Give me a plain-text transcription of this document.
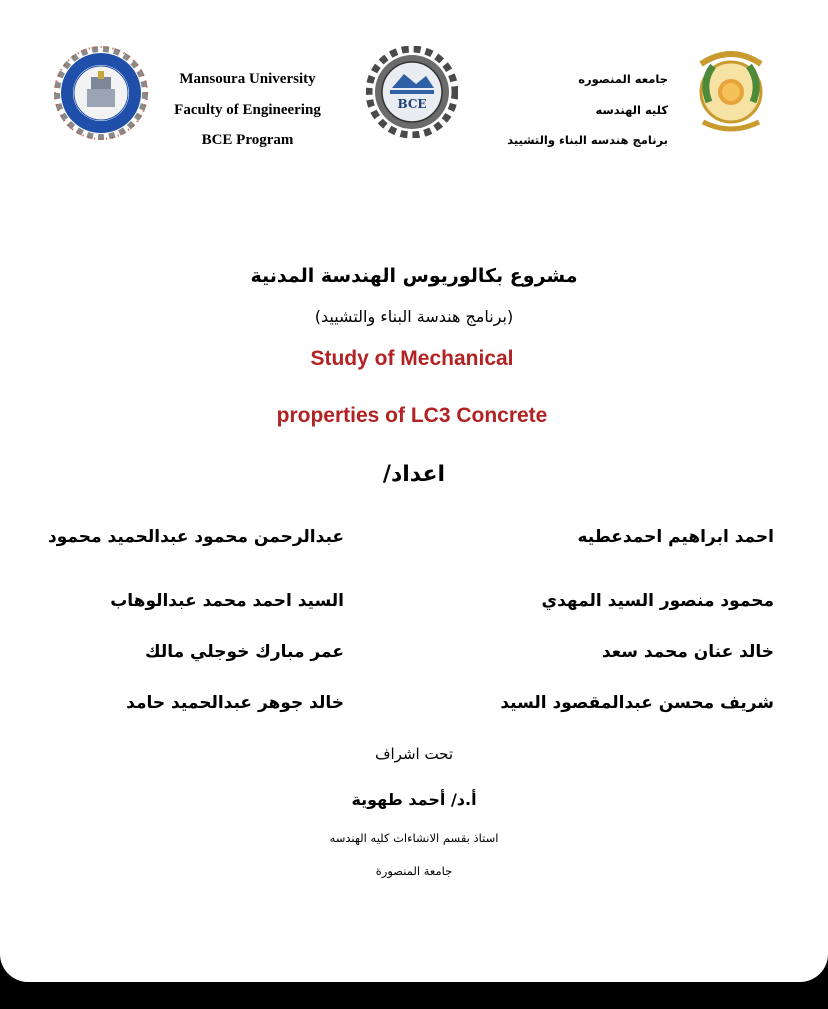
Mansoura University
Faculty of Engineering
BCE Program
BCE
جامعه المنصوره
كليه الهندسه
برنامج هندسه البناء والتشييد
مشروع بكالوريوس الهندسة المدنية
(برنامج هندسة البناء والتشييد)
Study of Mechanical
properties of LC3 Concrete
اعداد/
احمد ابراهيم احمدعطيه
عبدالرحمن محمود عبدالحميد محمود
محمود منصور السيد المهدي
السيد احمد محمد عبدالوهاب
خالد عنان محمد سعد
عمر مبارك خوجلي مالك
شريف محسن عبدالمقصود السيد
خالد جوهر عبدالحميد حامد
تحت اشراف
أ.د/ أحمد طهوية
استاذ بقسم الانشاءات كليه الهندسه
جامعة المنصورة
